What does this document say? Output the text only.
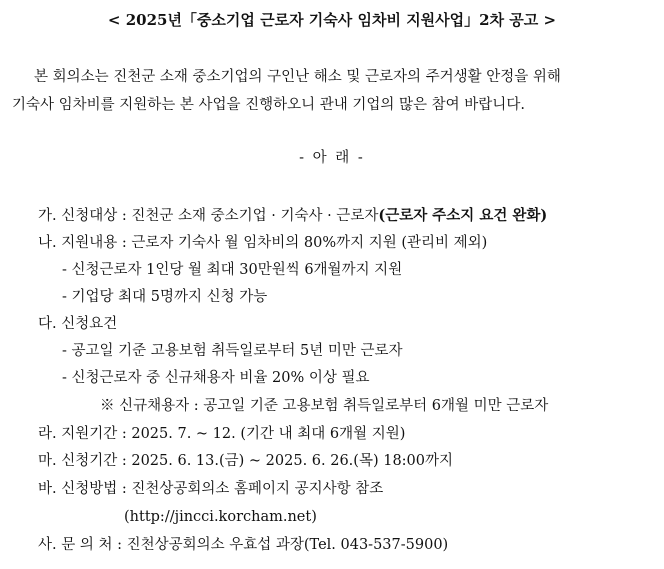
< 2025년「중소기업 근로자 기숙사 임차비 지원사업」2차 공고 >
본 회의소는 진천군 소재 중소기업의 구인난 해소 및 근로자의 주거생활 안정을 위해
기숙사 임차비를 지원하는 본 사업을 진행하오니 관내 기업의 많은 참여 바랍니다.
- 아 래 -
가. 신청대상 : 진천군 소재 중소기업 · 기숙사 · 근로자(근로자 주소지 요건 완화)
나. 지원내용 : 근로자 기숙사 월 임차비의 80%까지 지원 (관리비 제외)
- 신청근로자 1인당 월 최대 30만원씩 6개월까지 지원
- 기업당 최대 5명까지 신청 가능
다. 신청요건
- 공고일 기준 고용보험 취득일로부터 5년 미만 근로자
- 신청근로자 중 신규채용자 비율 20% 이상 필요
※ 신규채용자 : 공고일 기준 고용보험 취득일로부터 6개월 미만 근로자
라. 지원기간 : 2025. 7. ~ 12. (기간 내 최대 6개월 지원)
마. 신청기간 : 2025. 6. 13.(금) ~ 2025. 6. 26.(목) 18:00까지
바. 신청방법 : 진천상공회의소 홈페이지 공지사항 참조
(http://jincci.korcham.net)
사. 문 의 처 : 진천상공회의소 우효섭 과장(Tel. 043-537-5900)
